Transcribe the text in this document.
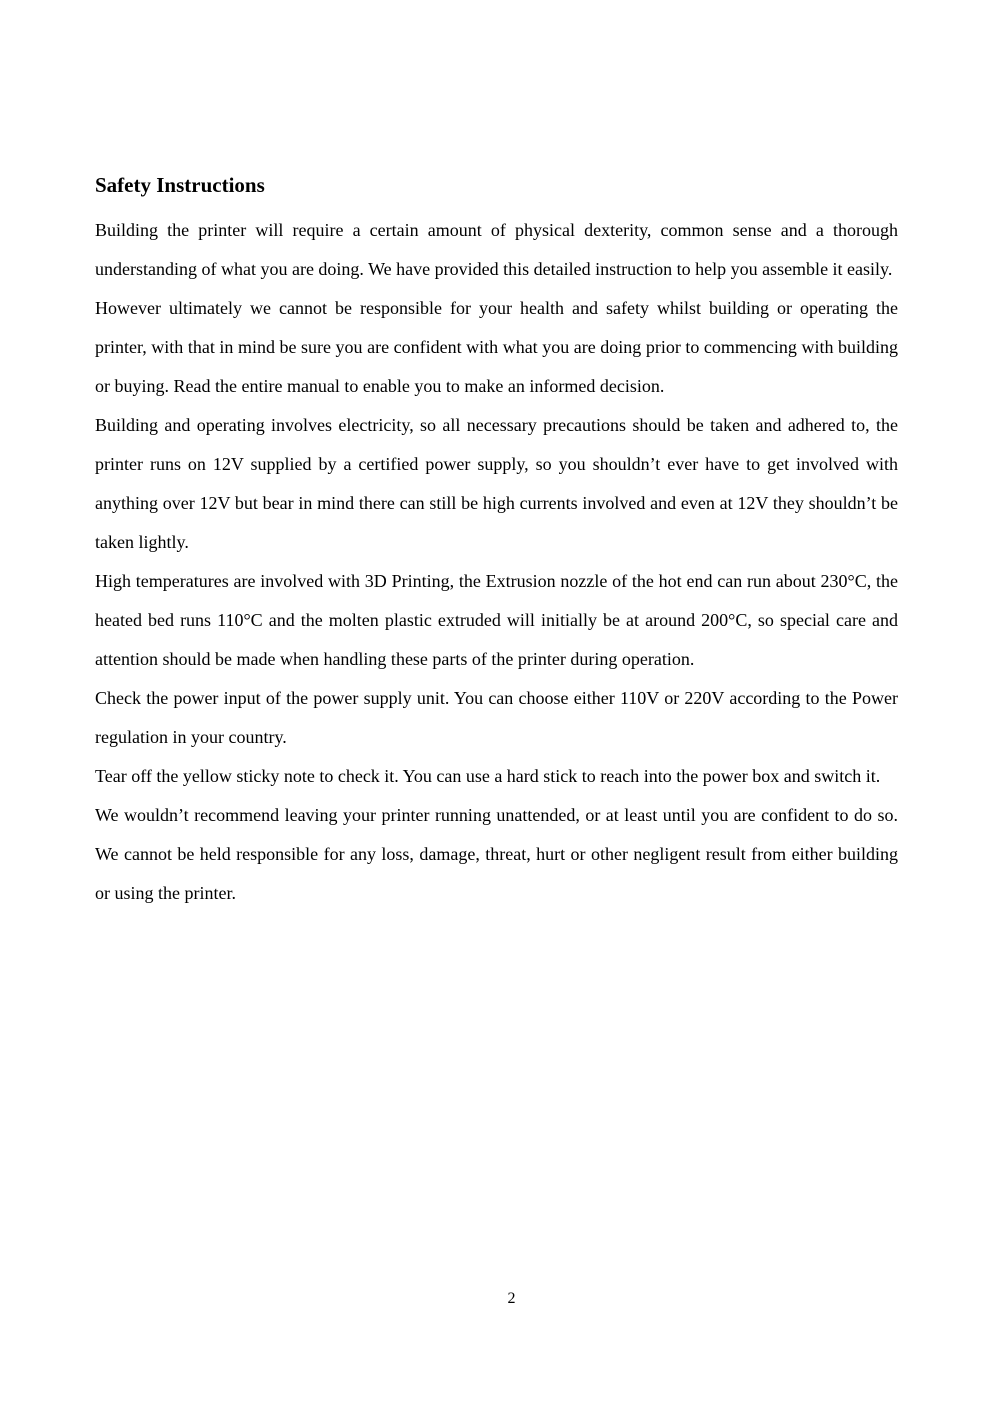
Safety Instructions

Building the printer will require a certain amount of physical dexterity, common sense and a thorough understanding of what you are doing. We have provided this detailed instruction to help you assemble it easily.

However ultimately we cannot be responsible for your health and safety whilst building or operating the printer, with that in mind be sure you are confident with what you are doing prior to commencing with building or buying. Read the entire manual to enable you to make an informed decision.

Building and operating involves electricity, so all necessary precautions should be taken and adhered to, the printer runs on 12V supplied by a certified power supply, so you shouldn’t ever have to get involved with anything over 12V but bear in mind there can still be high currents involved and even at 12V they shouldn’t be taken lightly.

High temperatures are involved with 3D Printing, the Extrusion nozzle of the hot end can run about 230°C, the heated bed runs 110°C and the molten plastic extruded will initially be at around 200°C, so special care and attention should be made when handling these parts of the printer during operation.

Check the power input of the power supply unit. You can choose either 110V or 220V according to the Power regulation in your country.

Tear off the yellow sticky note to check it. You can use a hard stick to reach into the power box and switch it.

We wouldn’t recommend leaving your printer running unattended, or at least until you are confident to do so. We cannot be held responsible for any loss, damage, threat, hurt or other negligent result from either building or using the printer.

2
